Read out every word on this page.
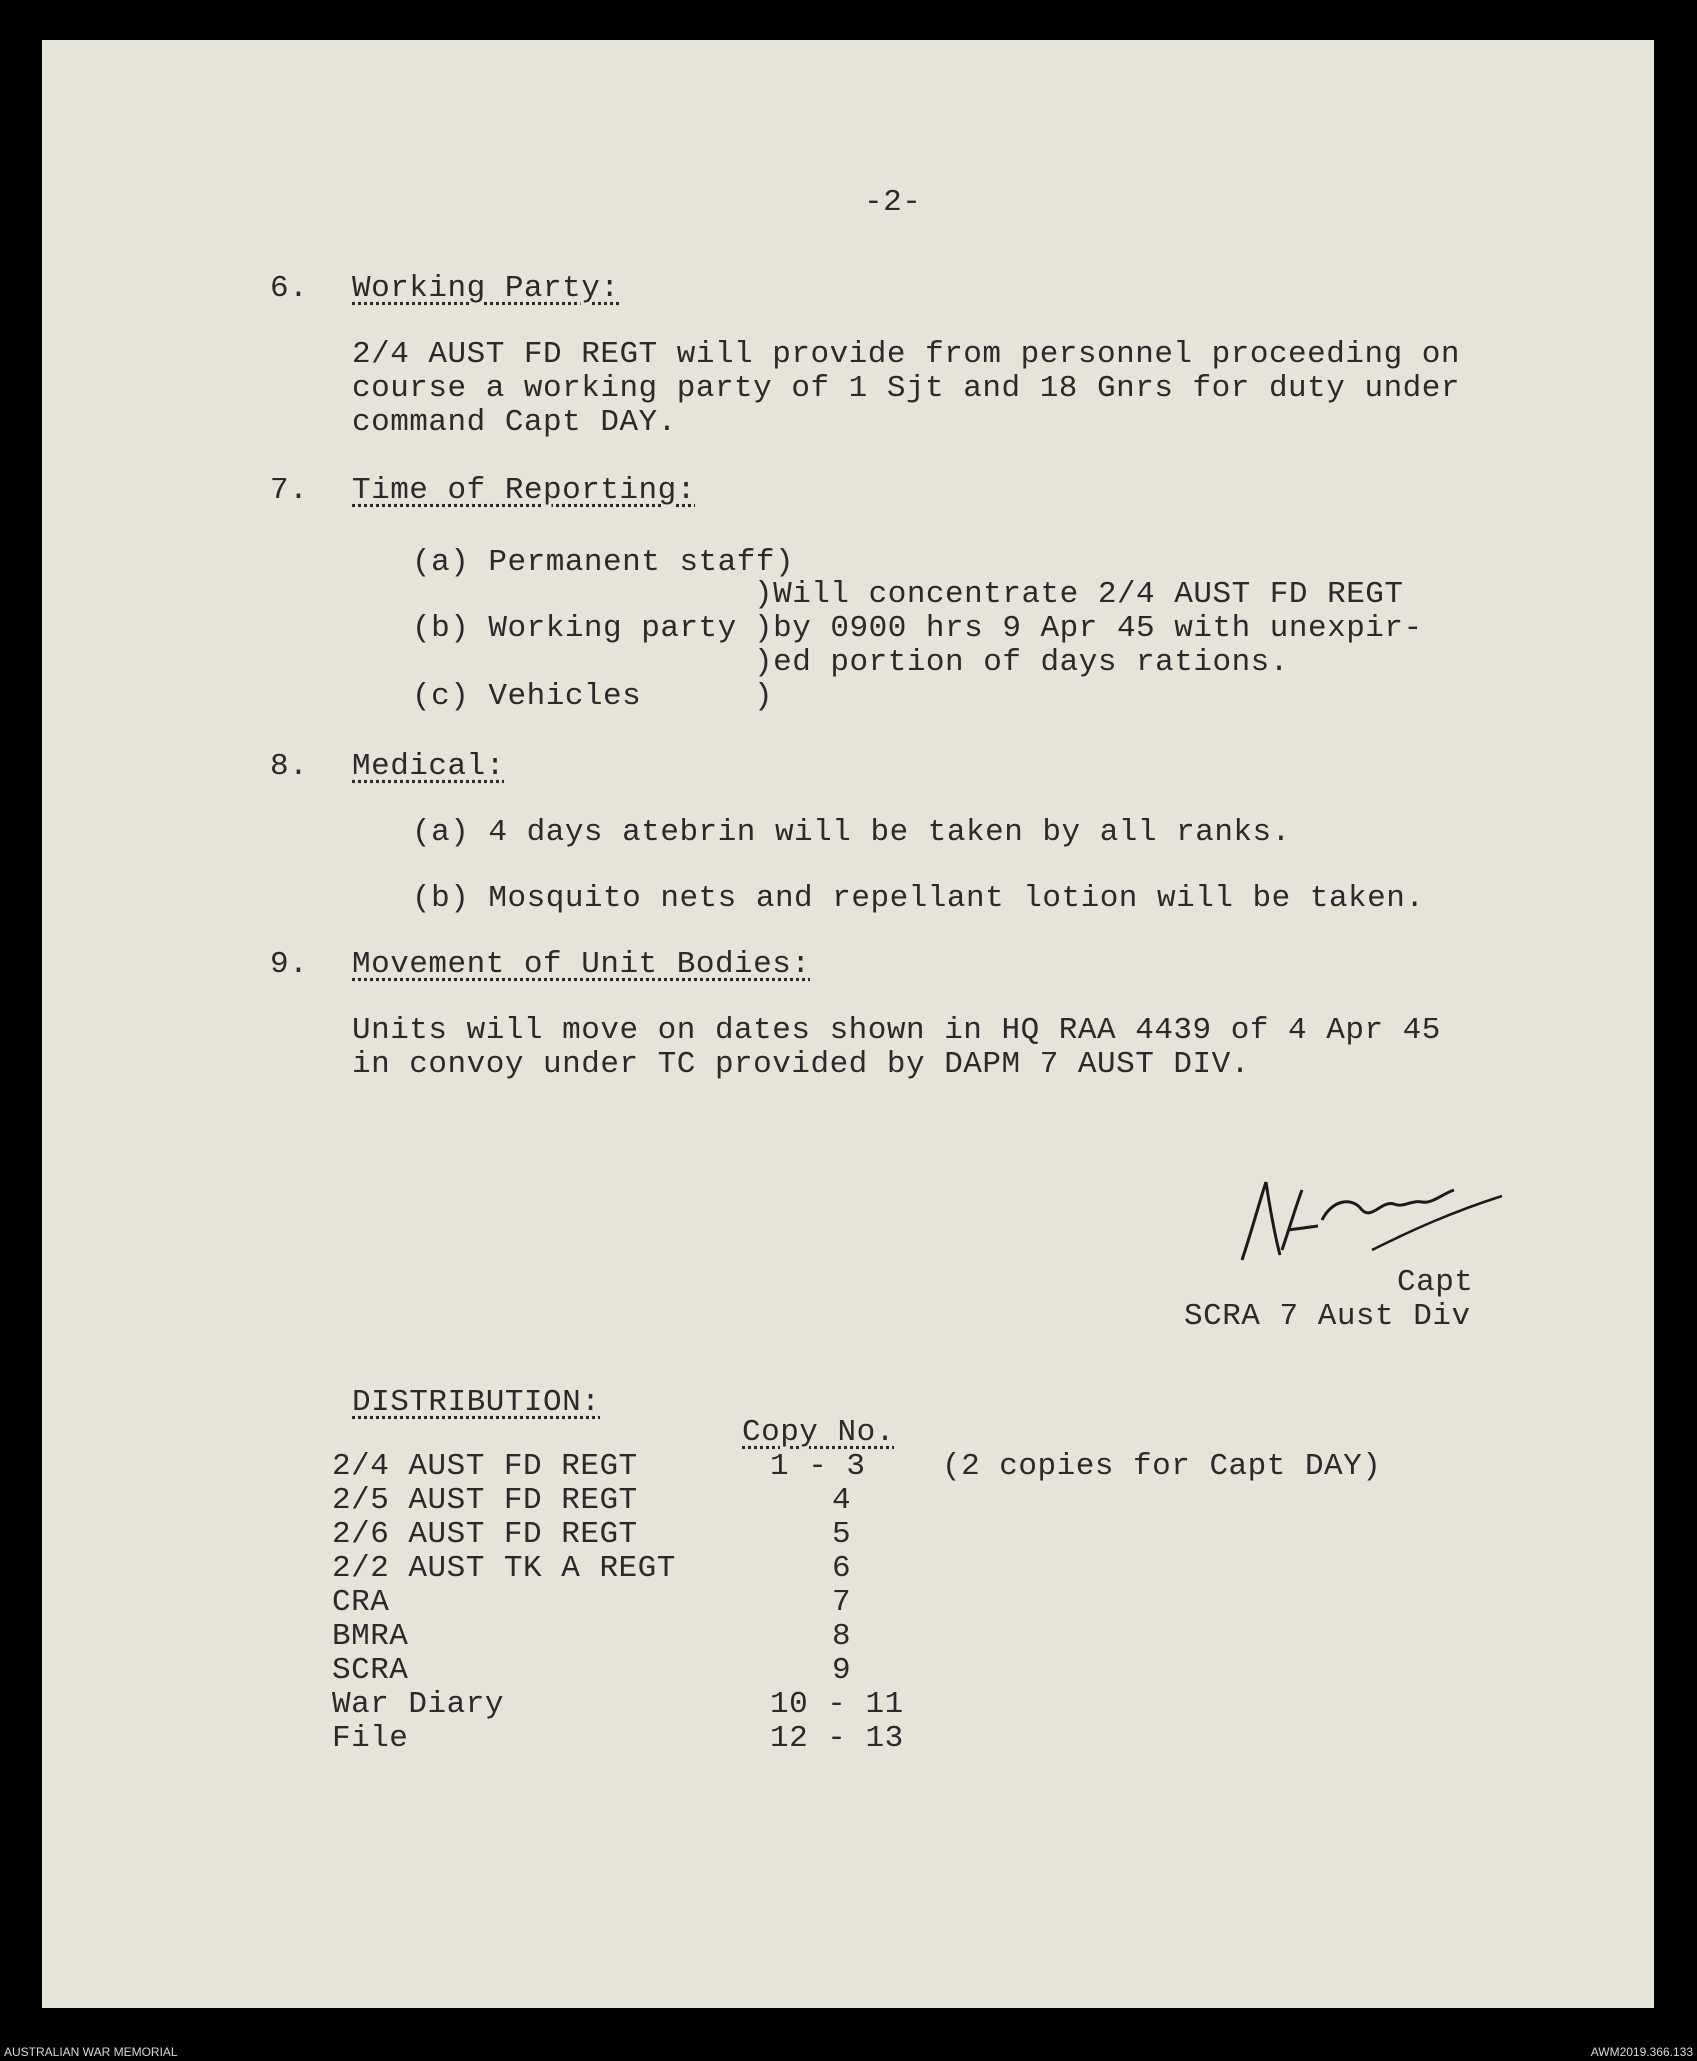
-2-
6. Working Party:
2/4 AUST FD REGT will provide from personnel proceeding on
course a working party of 1 Sjt and 18 Gnrs for duty under
command Capt DAY.
7. Time of Reporting:
(a) Permanent staff)
(b) Working party
(c) Vehicles
)Will concentrate 2/4 AUST FD REGT
)by 0900 hrs 9 Apr 45 with unexpir-
)ed portion of days rations.
)
8. Medical:
(a) 4 days atebrin will be taken by all ranks.
(b) Mosquito nets and repellant lotion will be taken.
9. Movement of Unit Bodies:
Units will move on dates shown in HQ RAA 4439 of 4 Apr 45
in convoy under TC provided by DAPM 7 AUST DIV.
Capt
SCRA 7 Aust Div
DISTRIBUTION:
Copy No.
2/4 AUST FD REGT	1 - 3 (2 copies for Capt DAY)
2/5 AUST FD REGT	4
2/6 AUST FD REGT	5
2/2 AUST TK A REGT	6
CRA	7
BMRA	8
SCRA	9
War Diary	10 - 11
File	12 - 13
AUSTRALIAN WAR MEMORIAL	AWM2019.366.133
